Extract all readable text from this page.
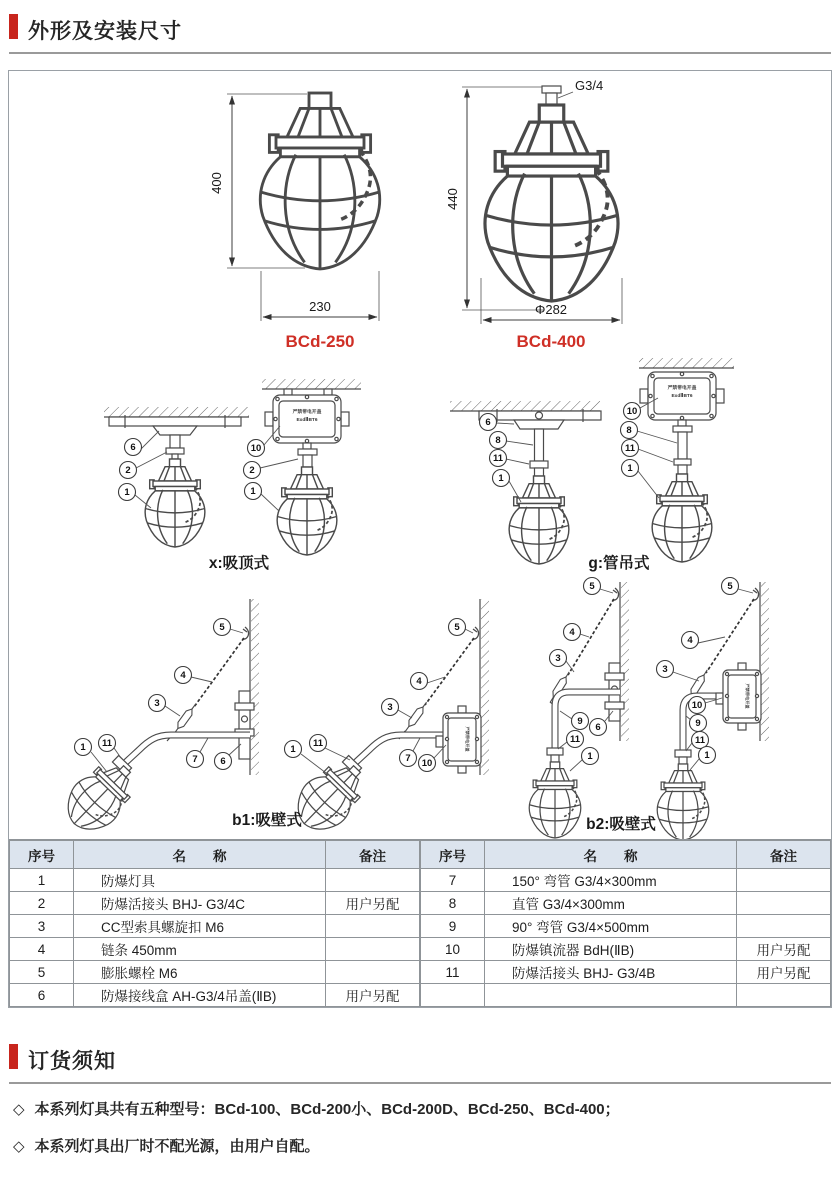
外形及安装尺寸
400
230
BCd-250
G3/4
440
Φ282
BCd-400
严禁带电开盖
ExdⅡBT6
x:吸顶式
严禁带电开盖
ExdⅡBT6
g:管吊式
严禁带电开盖
b1:吸壁式
严禁带电开盖
b2:吸壁式
6
2
1
10
2
1
6
8
11
1
10
8
11
1
5
4
3
7 6
11
1
5
4
3
7 10
11
1
5
4
3
9
6
11
1
5
4
3
10
9
11
1
序号	名　　称	备注
1	防爆灯具	
2	防爆活接头 BHJ- G3/4C	用户另配
3	CC型索具螺旋扣 M6	
4	链条 450mm	
5	膨胀螺栓 M6	
6	防爆接线盒 AH-G3/4吊盖(ⅡB)	用户另配
序号	名　　称	备注
7	150° 弯管 G3/4×300mm	
8	直管 G3/4×300mm	
9	90° 弯管 G3/4×500mm	
10	防爆镇流器 BdH(ⅡB)	用户另配
11	防爆活接头 BHJ- G3/4B	用户另配

订货须知
◇ 本系列灯具共有五种型号：BCd-100、BCd-200小、BCd-200D、BCd-250、BCd-400；
◇ 本系列灯具出厂时不配光源，由用户自配。
